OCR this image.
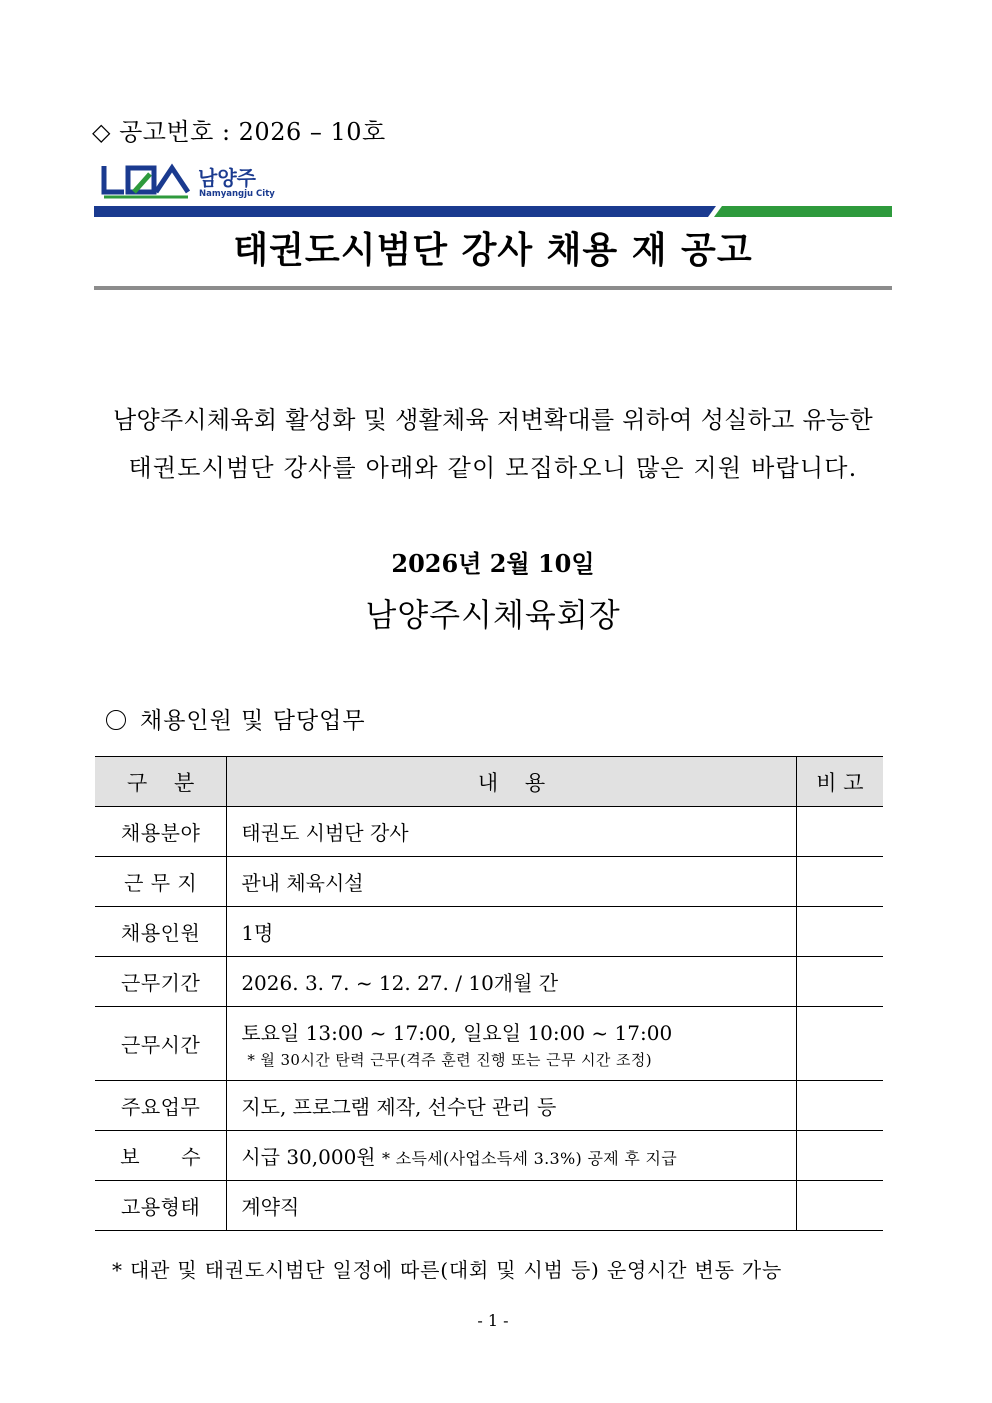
◇ 공고번호 : 2026 – 10호
남양주
Namyangju City
태권도시범단 강사 채용 재 공고
남양주시체육회 활성화 및 생활체육 저변확대를 위하여 성실하고 유능한
태권도시범단 강사를 아래와 같이 모집하오니 많은 지원 바랍니다.
2026년 2월 10일
남양주시체육회장
채용인원 및 담당업무
구    분	내    용	비 고
채용분야	태권도 시범단 강사	
근 무 지	관내 체육시설	
채용인원	1명	
근무기간	2026. 3. 7. ~ 12. 27. / 10개월 간	
근무시간	토요일 13:00 ~ 17:00, 일요일 10:00 ~ 17:00
* 월 30시간 탄력 근무(격주 훈련 진행 또는 근무 시간 조정)	

주요업무	지도, 프로그램 제작, 선수단 관리 등	
보      수	시급 30,000원 * 소득세(사업소득세 3.3%) 공제 후 지급	
고용형태	계약직	
* 대관 및 태권도시범단 일정에 따른(대회 및 시범 등) 운영시간 변동 가능
- 1 -
